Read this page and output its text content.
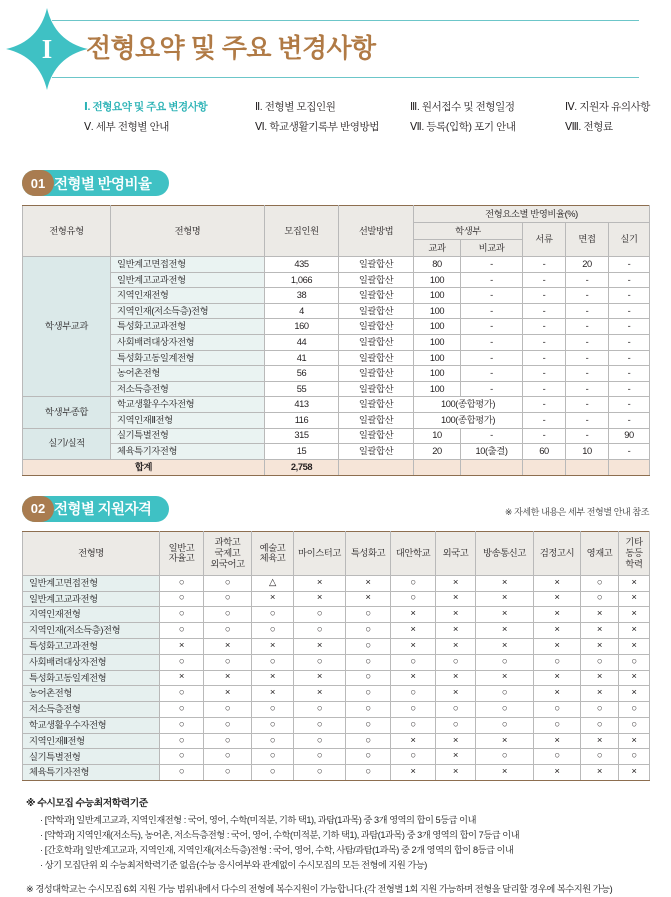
I	전형요약 및 주요 변경사항
Ⅰ. 전형요약 및 주요 변경사항	Ⅱ. 전형별 모집인원	Ⅲ. 원서접수 및 전형일정	Ⅳ. 지원자 유의사항
Ⅴ. 세부 전형별 안내	Ⅵ. 학교생활기록부 반영방법	Ⅶ. 등록(입학) 포기 안내	Ⅷ. 전형료
전형별 반영비율
01
전형유형	전형명	모집인원	선발방법	전형요소별 반영비율(%)				
				학생부		서류	면접	실기
				교과	비교과			
학생부교과	일반계고면접전형	435	일괄합산	80	-	-	20	-
	일반계고교과전형	1,066	일괄합산	100	-	-	-	-
	지역인재전형	38	일괄합산	100	-	-	-	-
	지역인재(저소득층)전형	4	일괄합산	100	-	-	-	-
	특성화고교과전형	160	일괄합산	100	-	-	-	-
	사회배려대상자전형	44	일괄합산	100	-	-	-	-
	특성화고동일계전형	41	일괄합산	100	-	-	-	-
	농어촌전형	56	일괄합산	100	-	-	-	-
	저소득층전형	55	일괄합산	100	-	-	-	-
학생부종합	학교생활우수자전형	413	일괄합산	100(종합평가)		-	-	-
	지역인재Ⅱ전형	116	일괄합산	100(종합평가)		-	-	-
실기/실적	실기특별전형	315	일괄합산	10	-	-	-	90
	체육특기자전형	15	일괄합산	20	10(출결)	60	10	-
합계		2,758						
전형별 지원자격
02	※ 자세한 내용은 세부 전형별 안내 참조
전형명

일반고
자율고

과학고
국제고
외국어고

예술고
체육고

마이스터고	특성화고	대안학교	외국고	방송통신고	검정고시	영재고

기타
동등
학력

일반계고면접전형	○	○	△	×	×	○	×	×	×	○	×
일반계고교과전형	○	○	×	×	×	○	×	×	×	○	×
지역인재전형	○	○	○	○	○	×	×	×	×	×	×
지역인재(저소득층)전형	○	○	○	○	○	×	×	×	×	×	×
특성화고고과전형	×	×	×	×	○	×	×	×	×	×	×
사회배려대상자전형	○	○	○	○	○	○	○	○	○	○	○
특성화고동일계전형	×	×	×	×	○	×	×	×	×	×	×
농어촌전형	○	×	×	×	○	○	×	○	×	×	×
저소득층전형	○	○	○	○	○	○	○	○	○	○	○
학교생활우수자전형	○	○	○	○	○	○	○	○	○	○	○
지역인재Ⅱ전형	○	○	○	○	○	×	×	×	×	×	×
실기특별전형	○	○	○	○	○	○	×	○	○	○	○
체육특기자전형	○	○	○	○	○	×	×	×	×	×	×
※ 수시모집 수능최저학력기준
· [약학과] 일반계고교과, 지역인재전형 : 국어, 영어, 수학(미적분, 기하 택1), 과탐(1과목) 중 3개 영역의 합이 5등급 이내
· [약학과] 지역인재(저소득), 농어촌, 저소득층전형 : 국어, 영어, 수학(미적분, 기하 택1), 과탐(1과목) 중 3개 영역의 합이 7등급 이내
· [간호학과] 일반계고교과, 지역인재, 지역인재(저소득층)전형 : 국어, 영어, 수학, 사탐/과탐(1과목) 중 2개 영역의 합이 8등급 이내
· 상기 모집단위 외 수능최저학력기준 없음(수능 응시여부와 관계없이 수시모집의 모든 전형에 지원 가능)
※ 경성대학교는 수시모집 6회 지원 가능 범위내에서 다수의 전형에 복수지원이 가능합니다.(각 전형별 1회 지원 가능하며 전형을 달리할 경우에 복수지원 가능)
